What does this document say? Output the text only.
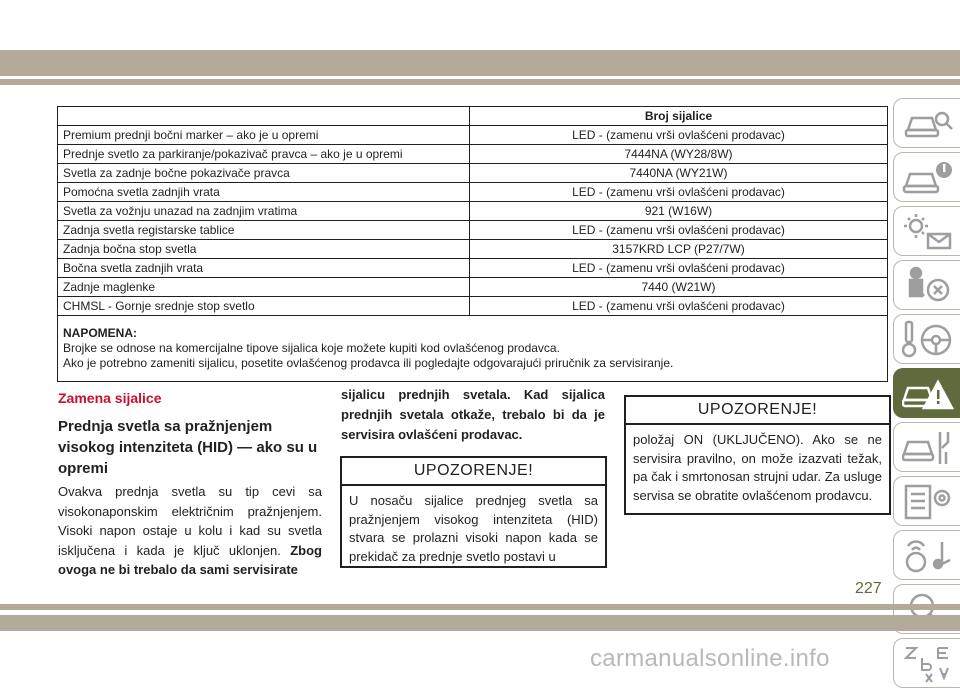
	Broj sijalice
Premium prednji bočni marker – ako je u opremi	LED - (zamenu vrši ovlašćeni prodavac)
Prednje svetlo za parkiranje/pokazivač pravca – ako je u opremi	7444NA (WY28/8W)
Svetla za zadnje bočne pokazivače pravca	7440NA (WY21W)
Pomoćna svetla zadnjih vrata	LED - (zamenu vrši ovlašćeni prodavac)
Svetla za vožnju unazad na zadnjim vratima	921 (W16W)
Zadnja svetla registarske tablice	LED - (zamenu vrši ovlašćeni prodavac)
Zadnja bočna stop svetla	3157KRD LCP (P27/7W)
Bočna svetla zadnjih vrata	LED - (zamenu vrši ovlašćeni prodavac)
Zadnje maglenke	7440 (W21W)
CHMSL - Gornje srednje stop svetlo	LED - (zamenu vrši ovlašćeni prodavac)

NAPOMENA:
Brojke se odnose na komercijalne tipove sijalica koje možete kupiti kod ovlašćenog prodavca.
Ako je potrebno zameniti sijalicu, posetite ovlašćenog prodavca ili pogledajte odgovarajući priručnik za servisiranje.	
Zamena sijalice
Prednja svetla sa pražnjenjem visokog intenziteta (HID) — ako su u opremi
Ovakva prednja svetla su tip cevi sa visokonaponskim električnim pražnjenjem. Visoki napon ostaje u kolu i kad su svetla isključena i kada je ključ uklonjen. Zbog ovoga ne bi trebalo da sami servisirate
sijalicu prednjih svetala. Kad sijalica prednjih svetala otkaže, trebalo bi da je servisira ovlašćeni prodavac.
UPOZORENJE!
U nosaču sijalice prednjeg svetla sa pražnjenjem visokog intenziteta (HID) stvara se prolazni visoki napon kada se prekidač za prednje svetlo postavi u
UPOZORENJE!
položaj ON (UKLJUČENO). Ako se ne servisira pravilno, on može izazvati težak, pa čak i smrtonosan strujni udar. Za usluge servisa se obratite ovlašćenom prodavcu.
227
carmanualsonline.info
